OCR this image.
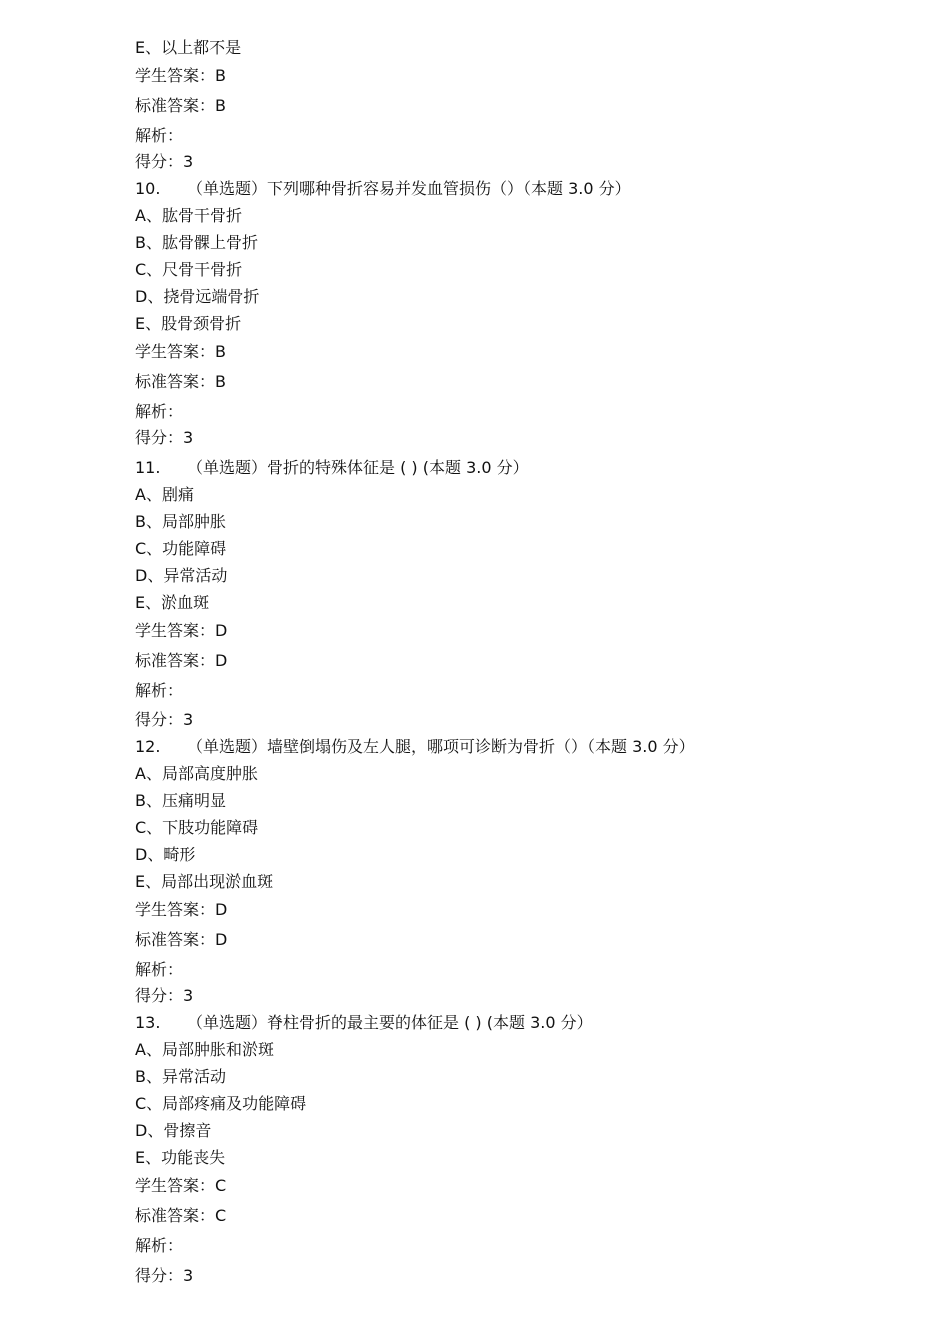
E、以上都不是
学生答案：B
标准答案：B
解析：
得分：3
10. （单选题）下列哪种骨折容易并发血管损伤（）（本题 3.0 分）
A、肱骨干骨折
B、肱骨髁上骨折
C、尺骨干骨折
D、挠骨远端骨折
E、股骨颈骨折
学生答案：B
标准答案：B
解析：
得分：3
11. （单选题）骨折的特殊体征是 ( ) (本题 3.0 分）
A、剧痛
B、局部肿胀
C、功能障碍
D、异常活动
E、淤血斑
学生答案：D
标准答案：D
解析：
得分：3
12. （单选题）墙壁倒塌伤及左人腿，哪项可诊断为骨折（）（本题 3.0 分）
A、局部高度肿胀
B、压痛明显
C、下肢功能障碍
D、畸形
E、局部出现淤血斑
学生答案：D
标准答案：D
解析：
得分：3
13. （单选题）脊柱骨折的最主要的体征是 ( ) (本题 3.0 分）
A、局部肿胀和淤斑
B、异常活动
C、局部疼痛及功能障碍
D、骨擦音
E、功能丧失
学生答案：C
标准答案：C
解析：
得分：3
